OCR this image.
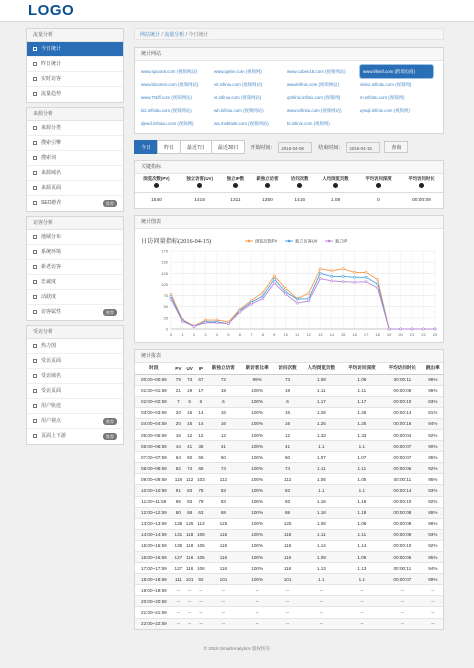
LOGO
流量分析
今日统计
昨日统计
实时访客
流量趋势
来源分析
来源分类
搜索引擎
搜索词
来源域名
来源页面
SEO推荐	推荐
访客分析
地域分布
系统环境
新老访客
忠诚度
活跃度
访客属性	推荐
受访分析
热力图
受访页面
受访域名
受访页面
用户轨迹
用户视点	推荐
页面上下游	推荐
网站统计 / 流量分析 / 今日统计
统计网站
www.spoon8.com (视频网站)	www.ignite.com (视频网)	www.cuben18.com (视频网站)	www.lifeinf.com (跨境电商)
www.bloomer.com (视频网站)	vit.infiniu.com (视频网站)	wwwinfinix.com (视频网站)	video.infinitu.com (视频网)
www.TNiff.com (视频网站)	vt.infiniu.com (视频网站)	qmfinix.infinix.com (视频网)	m.infinitu.com (视频网)
ki2.infinitu.com (视频网站)	wh.infiniu.com (视频网站)	www.infinitu.com (视频网站)	qmqil.infinix.com (视频网)
djeed.infinixu.com (视频网)	wa.meblank.com (视频网站)	bi.infinix.com (视频网)
今日	昨日	最近7日	最近30日	开始时间：	2016-04-08	结束时间：	2016-04-15	查询
关键指标
浏览次数(PV)	独立访客(UV)	独立IP数	新独立访客	访问次数	人均浏览页数	平均访问深度	平均访问时长

1540	1416	1311	1350	1416	1.08	0	00:00:09
统计图表
日访问量指标(2016-04-15)
0
25
50
75
100
125
150
175
0 1 2 3 4 5 6 7 8 9 10 11 12 13 14 15 16 17 18 19 20 21 22 23
浏览次数PV	独立访客UV	独立IP
统计报表
时段	PV	UV	IP	新独立访客	新访客比率	访问次数	人均浏览页数	平均访问深度	平均访问时长	跳出率
00:00~00:59	79	73	67	72	99%	73	1.08	1.08	00:00:11	96%
01:00~01:59	21	19	17	19	100%	19	1.11	1.11	00:00:08	95%
02:00~02:59	7	6	6	6	100%	6	1.17	1.17	00:00:10	83%
03:00~03:59	20	16	14	16	100%	16	1.25	1.25	00:00:14	81%
04:00~04:59	20	16	14	16	100%	16	1.25	1.25	00:00:16	94%
05:00~05:59	16	12	12	12	100%	12	1.33	1.33	00:00:04	92%
06:00~06:59	44	41	38	41	100%	41	1.1	1.1	00:00:07	90%
07:00~07:59	64	60	56	60	100%	60	1.07	1.07	00:00:07	95%
08:00~08:59	82	74	68	74	100%	74	1.11	1.11	00:00:06	92%
09:00~09:59	118	112	103	112	100%	112	1.05	1.05	00:00:11	95%
10:00~10:59	91	83	78	83	100%	83	1.1	1.1	00:00:14	93%
11:00~11:59	96	83	79	83	100%	83	1.16	1.16	00:00:10	92%
12:00~12:59	80	68	63	68	100%	68	1.18	1.18	00:00:08	88%
13:00~13:59	135	125	113	125	100%	125	1.08	1.08	00:00:08	96%
14:00~14:59	131	118	108	118	100%	118	1.11	1.11	00:00:09	93%
15:00~15:59	135	118	106	118	100%	118	1.14	1.14	00:00:10	92%
16:00~16:59	127	116	105	116	100%	116	1.09	1.09	00:00:06	95%
17:00~17:59	127	116	106	116	100%	116	1.13	1.13	00:00:11	94%
18:00~18:59	111	101	92	101	100%	101	1.1	1.1	00:00:07	89%
19:00~19:59	--	--	--	--	--	--	--	--	--	--
20:00~20:59	--	--	--	--	--	--	--	--	--	--
21:00~21:59	--	--	--	--	--	--	--	--	--	--
22:00~22:59	--	--	--	--	--	--	--	--	--	--
© 2016 SmartAnalytics 版权所有
